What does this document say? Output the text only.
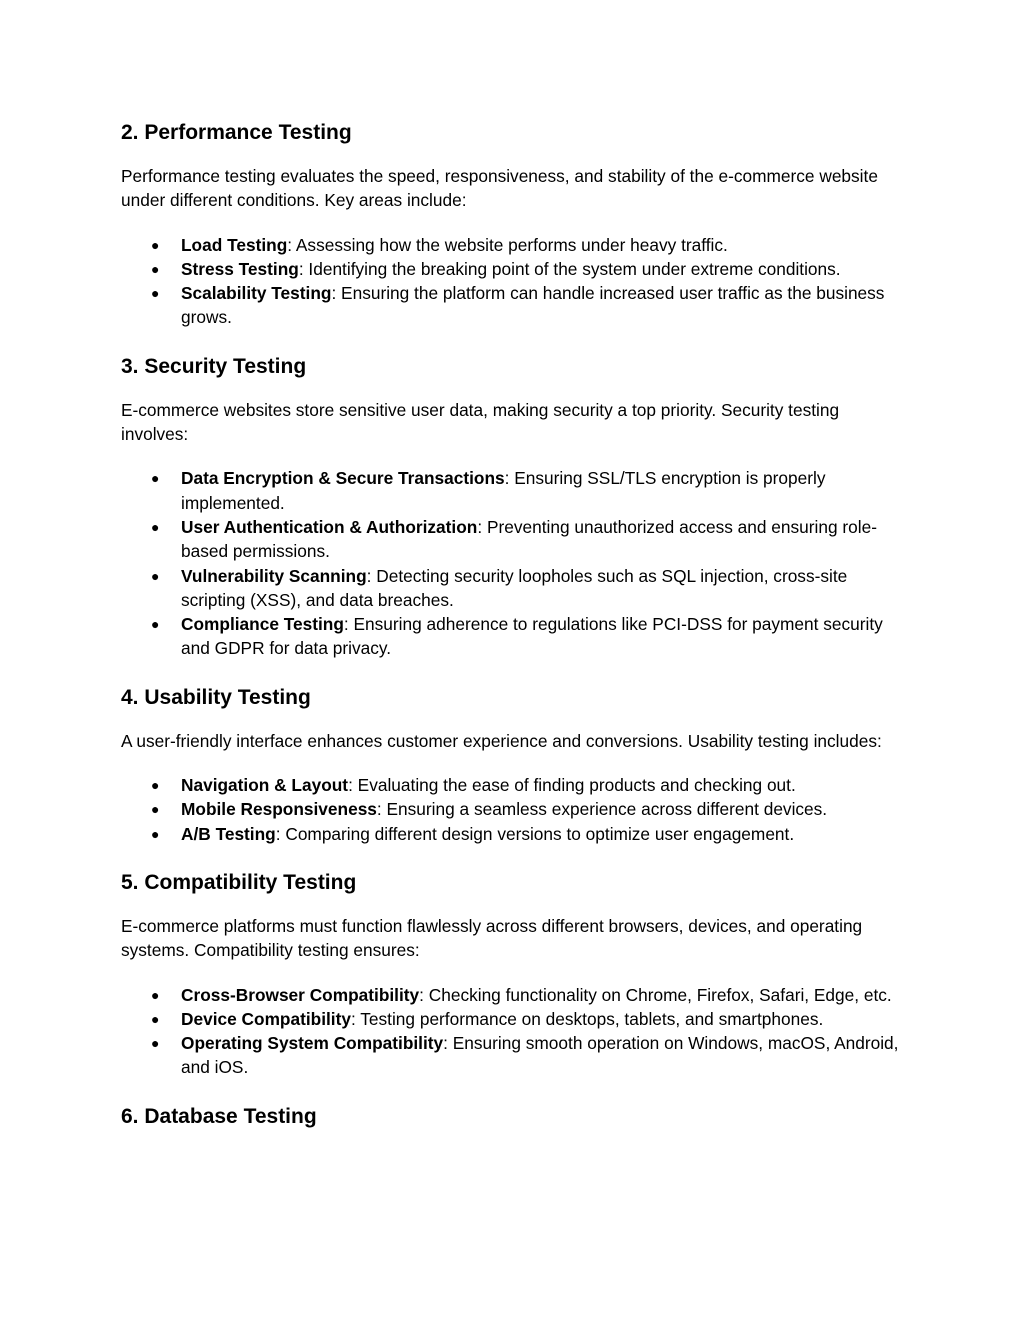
2. Performance Testing

Performance testing evaluates the speed, responsiveness, and stability of the e-commerce website under different conditions. Key areas include:

● Load Testing: Assessing how the website performs under heavy traffic.
● Stress Testing: Identifying the breaking point of the system under extreme conditions.
● Scalability Testing: Ensuring the platform can handle increased user traffic as the business grows.
3. Security Testing

E-commerce websites store sensitive user data, making security a top priority. Security testing involves:

● Data Encryption & Secure Transactions: Ensuring SSL/TLS encryption is properly implemented.
● User Authentication & Authorization: Preventing unauthorized access and ensuring role-based permissions.
● Vulnerability Scanning: Detecting security loopholes such as SQL injection, cross-site scripting (XSS), and data breaches.
● Compliance Testing: Ensuring adherence to regulations like PCI-DSS for payment security and GDPR for data privacy.
4. Usability Testing

A user-friendly interface enhances customer experience and conversions. Usability testing includes:

● Navigation & Layout: Evaluating the ease of finding products and checking out.
● Mobile Responsiveness: Ensuring a seamless experience across different devices.
● A/B Testing: Comparing different design versions to optimize user engagement.
5. Compatibility Testing

E-commerce platforms must function flawlessly across different browsers, devices, and operating systems. Compatibility testing ensures:

● Cross-Browser Compatibility: Checking functionality on Chrome, Firefox, Safari, Edge, etc.
● Device Compatibility: Testing performance on desktops, tablets, and smartphones.
● Operating System Compatibility: Ensuring smooth operation on Windows, macOS, Android, and iOS.
6. Database Testing
